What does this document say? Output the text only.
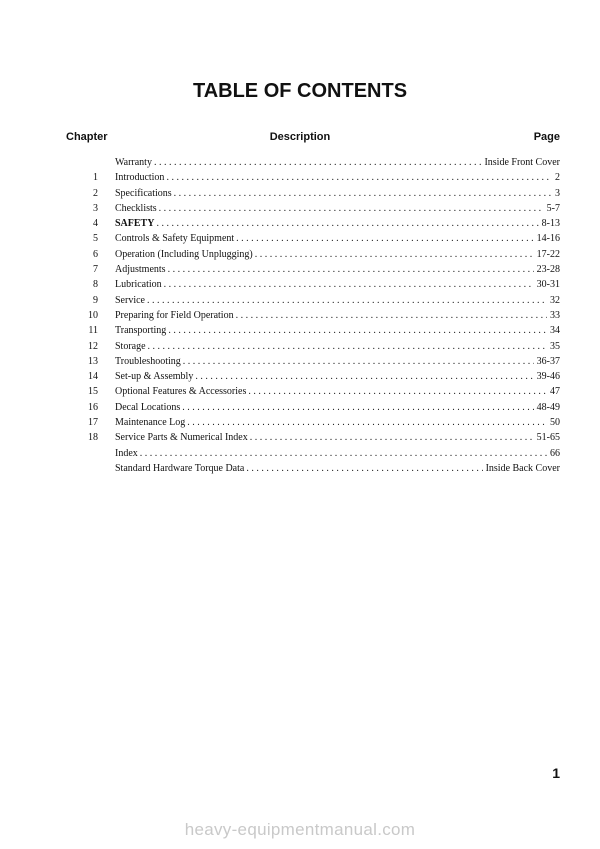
TABLE OF CONTENTS
Chapter	Description	Page
Warranty . . .	Inside Front Cover
1 Introduction . . .	2
2 Specifications . . .	3
3 Checklists . . .	5-7
4 SAFETY . . .	8-13
5 Controls & Safety Equipment . . .	14-16
6 Operation (Including Unplugging) . . .	17-22
7 Adjustments . . .	23-28
8 Lubrication . . .	30-31
9 Service . . .	32
10 Preparing for Field Operation . . .	33
11 Transporting . . .	34
12 Storage . . .	35
13 Troubleshooting . . .	36-37
14 Set-up & Assembly . . .	39-46
15 Optional Features & Accessories . . .	47
16 Decal Locations . . .	48-49
17 Maintenance Log . . .	50
18 Service Parts & Numerical Index . . .	51-65
Index . . .	66
Standard Hardware Torque Data . . .	Inside Back Cover
1
heavy-equipmentmanual.com
